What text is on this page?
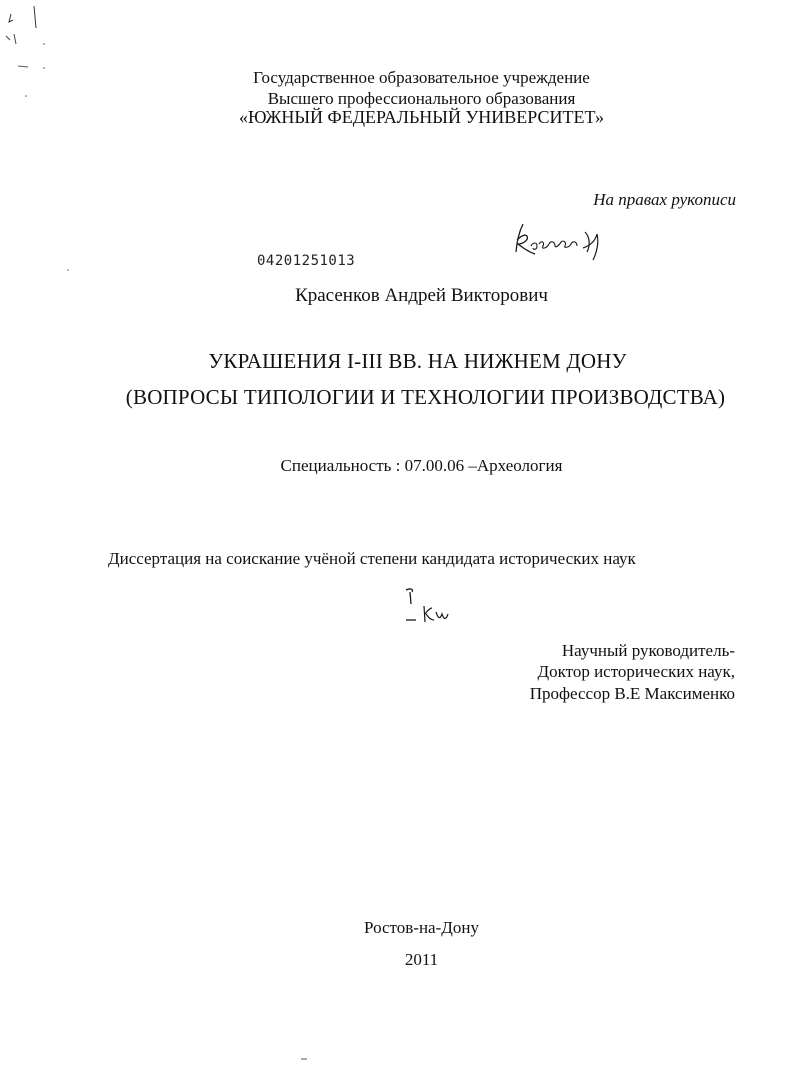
Государственное образовательное учреждение
Высшего профессионального образования
«ЮЖНЫЙ ФЕДЕРАЛЬНЫЙ УНИВЕРСИТЕТ»
На правах рукописи
04201251013
Красенков Андрей Викторович
УКРАШЕНИЯ I-III ВВ. НА НИЖНЕМ ДОНУ
(ВОПРОСЫ ТИПОЛОГИИ И ТЕХНОЛОГИИ ПРОИЗВОДСТВА)
Специальность : 07.00.06 –Археология
Диссертация на соискание учёной степени кандидата исторических наук
Научный руководитель-
Доктор исторических наук,
Профессор В.Е Максименко
Ростов-на-Дону
2011
